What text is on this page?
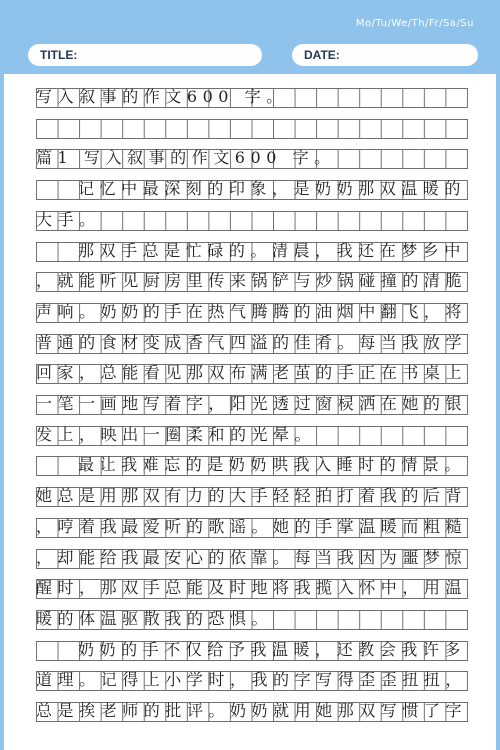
Mo/Tu/We/Th/Fr/Sa/Su
TITLE:	DATE:
写入叙事的作文600 字。
篇1 写入叙事的作文600 字。
记忆中最深刻的印象，是奶奶那双温暖的
大手。
那双手总是忙碌的。清晨，我还在梦乡中
，就能听见厨房里传来锅铲与炒锅碰撞的清脆
声响。奶奶的手在热气腾腾的油烟中翻飞，将
普通的食材变成香气四溢的佳肴。每当我放学
回家，总能看见那双布满老茧的手正在书桌上
一笔一画地写着字，阳光透过窗棂洒在她的银
发上，映出一圈柔和的光晕。
最让我难忘的是奶奶哄我入睡时的情景。
她总是用那双有力的大手轻轻拍打着我的后背
，哼着我最爱听的歌谣。她的手掌温暖而粗糙
，却能给我最安心的依靠。每当我因为噩梦惊
醒时，那双手总能及时地将我揽入怀中，用温
暖的体温驱散我的恐惧。
奶奶的手不仅给予我温暖，还教会我许多
道理。记得上小学时，我的字写得歪歪扭扭，
总是挨老师的批评。奶奶就用她那双写惯了字
